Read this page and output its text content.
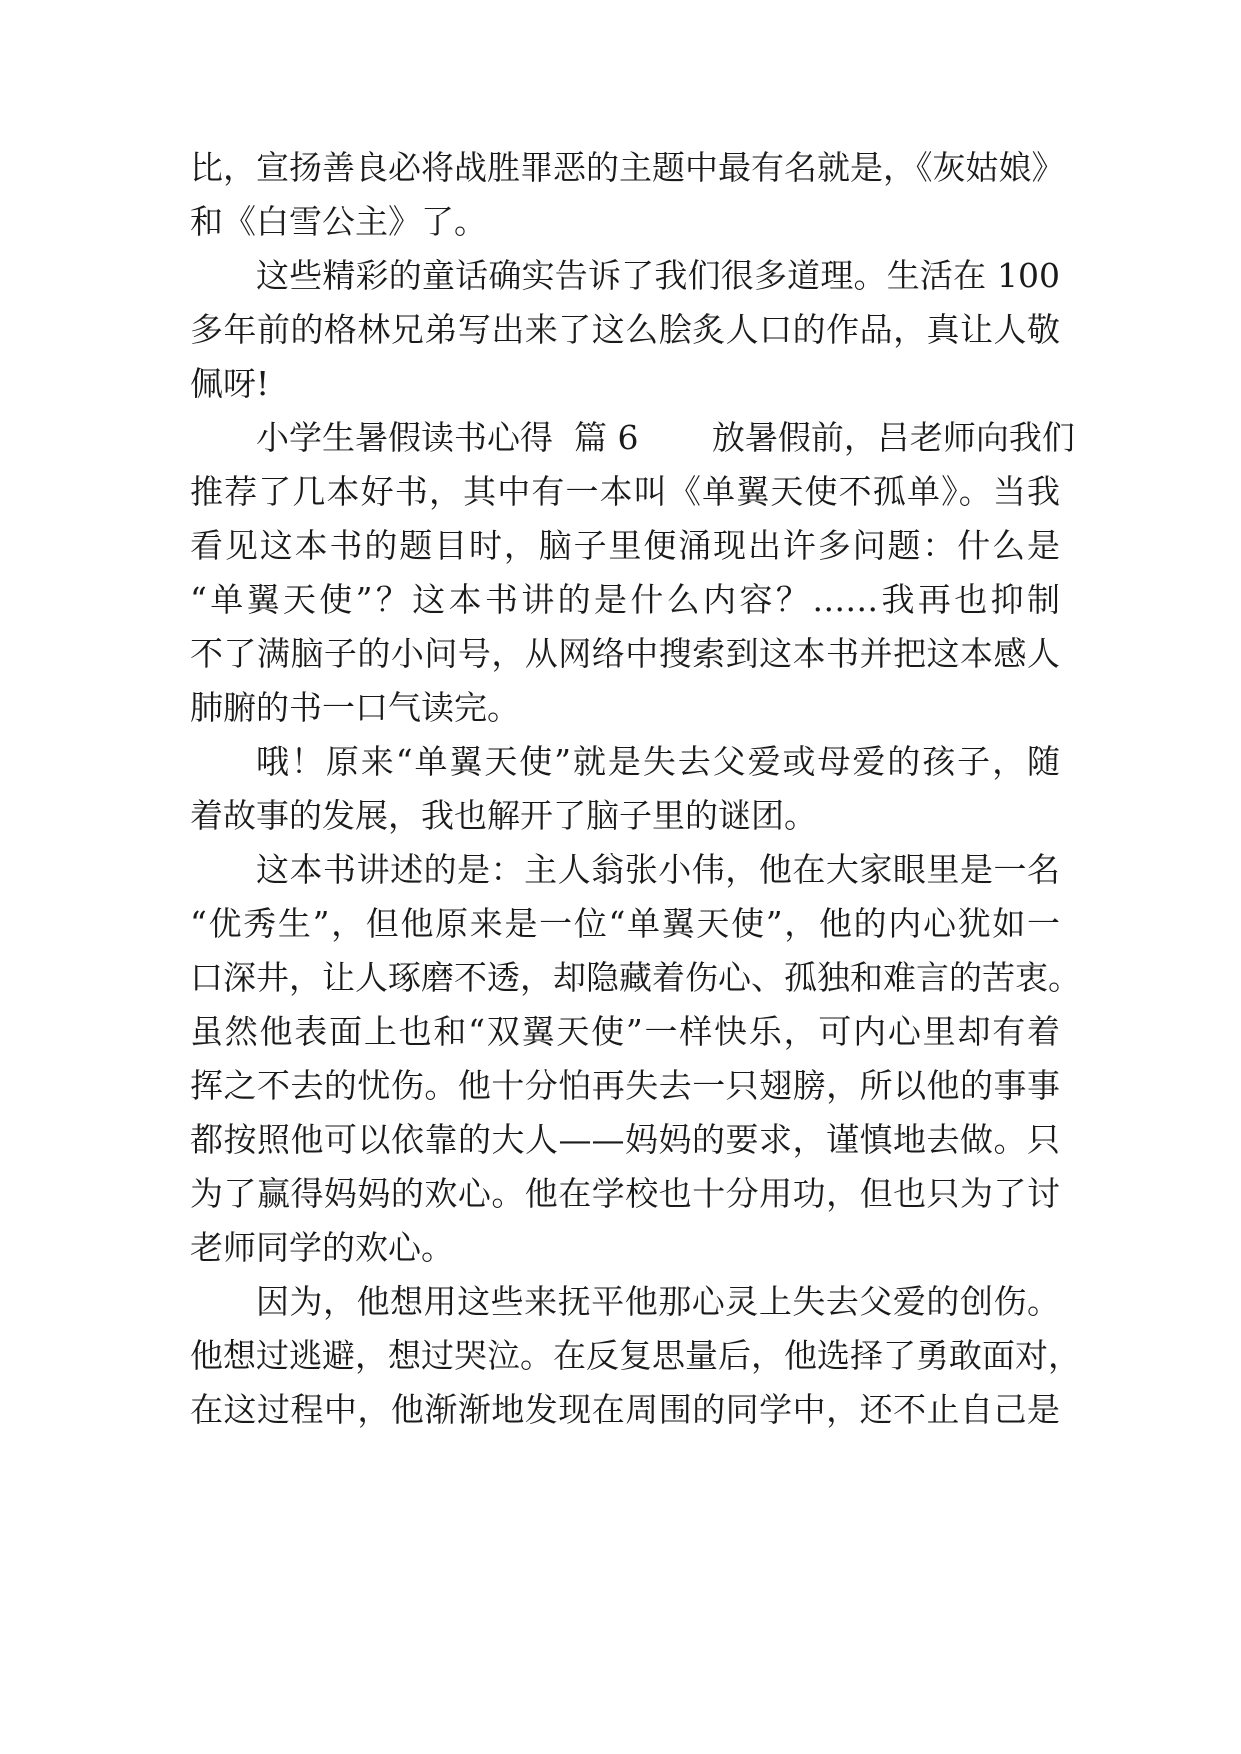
比，宣扬善良必将战胜罪恶的主题中最有名就是，《灰姑娘》
和《白雪公主》了。
这些精彩的童话确实告诉了我们很多道理。生活在 100
多年前的格林兄弟写出来了这么脍炙人口的作品，真让人敬
佩呀!
小学生暑假读书心得  篇 6       放暑假前，吕老师向我们
推荐了几本好书，其中有一本叫《单翼天使不孤单》。当我
看见这本书的题目时，脑子里便涌现出许多问题：什么是
“单翼天使”？这本书讲的是什么内容？……我再也抑制
不了满脑子的小问号，从网络中搜索到这本书并把这本感人
肺腑的书一口气读完。
哦！原来“单翼天使”就是失去父爱或母爱的孩子，随
着故事的发展，我也解开了脑子里的谜团。
这本书讲述的是：主人翁张小伟，他在大家眼里是一名
“优秀生”，但他原来是一位“单翼天使”，他的内心犹如一
口深井，让人琢磨不透，却隐藏着伤心、孤独和难言的苦衷。
虽然他表面上也和“双翼天使”一样快乐，可内心里却有着
挥之不去的忧伤。他十分怕再失去一只翅膀，所以他的事事
都按照他可以依靠的大人——妈妈的要求，谨慎地去做。只
为了赢得妈妈的欢心。他在学校也十分用功，但也只为了讨
老师同学的欢心。
因为，他想用这些来抚平他那心灵上失去父爱的创伤。
他想过逃避，想过哭泣。在反复思量后，他选择了勇敢面对，
在这过程中，他渐渐地发现在周围的同学中，还不止自己是
